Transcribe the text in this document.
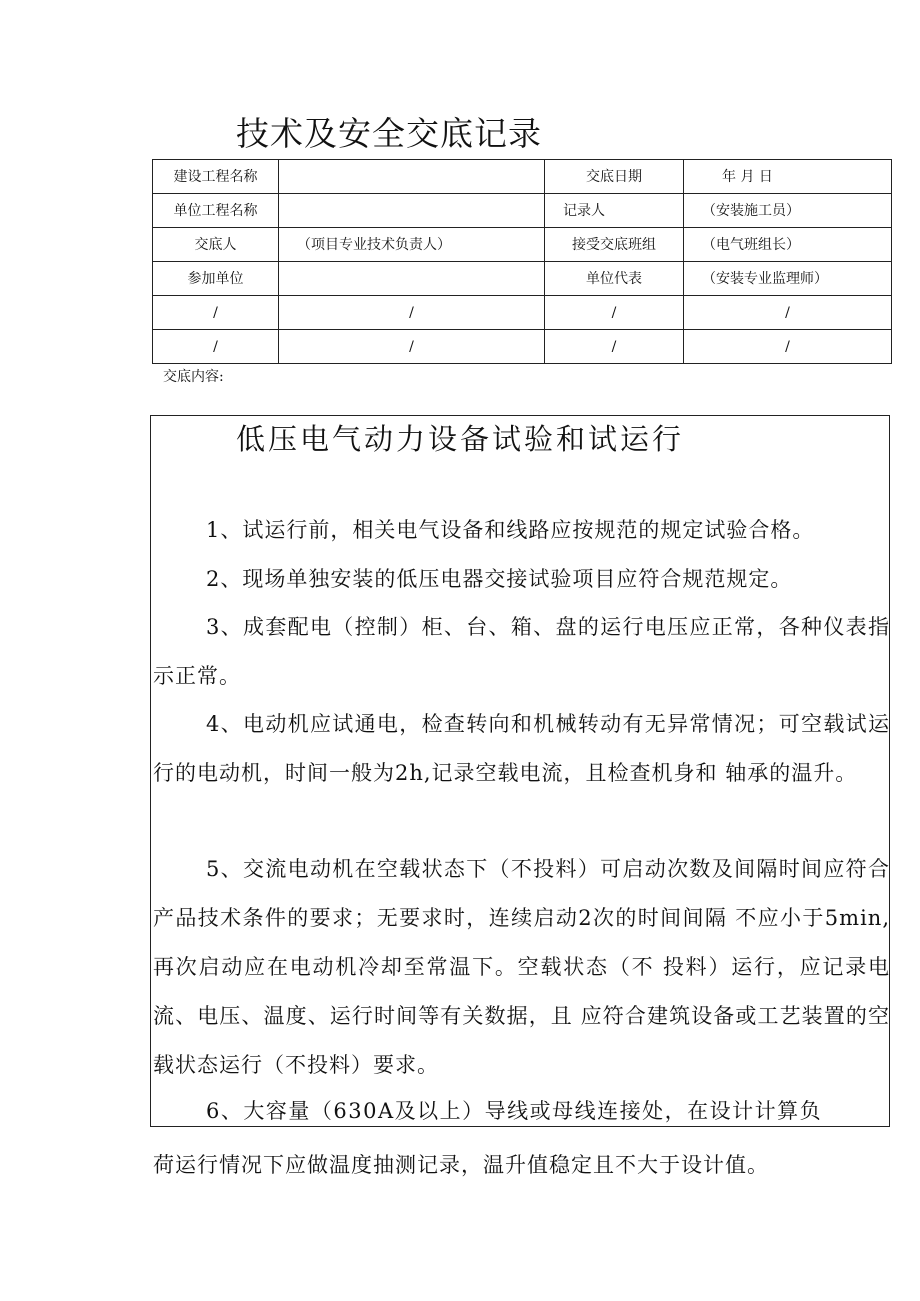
技术及安全交底记录
建设工程名称		交底日期	年 月 日
单位工程名称		记录人	（安装施工员）
交底人	（项目专业技术负责人）	接受交底班组	（电气班组长）
参加单位		单位代表	（安装专业监理师）
/	/	/	/
/	/	/	/
交底内容:
低压电气动力设备试验和试运行

1、试运行前，相关电气设备和线路应按规范的规定试验合格。

2、现场单独安装的低压电器交接试验项目应符合规范规定。

3、成套配电（控制）柜、台、箱、盘的运行电压应正常，各种仪表指示正常。

4、电动机应试通电，检查转向和机械转动有无异常情况；可空载试运行的电动机，时间一般为2h,记录空载电流，且检查机身和 轴承的温升。

5、交流电动机在空载状态下（不投料）可启动次数及间隔时间应符合产品技术条件的要求；无要求时，连续启动2次的时间间隔 不应小于5min,再次启动应在电动机冷却至常温下。空载状态（不 投料）运行，应记录电流、电压、温度、运行时间等有关数据，且 应符合建筑设备或工艺装置的空载状态运行（不投料）要求。

6、大容量（630A及以上）导线或母线连接处，在设计计算负

荷运行情况下应做温度抽测记录，温升值稳定且不大于设计值。
